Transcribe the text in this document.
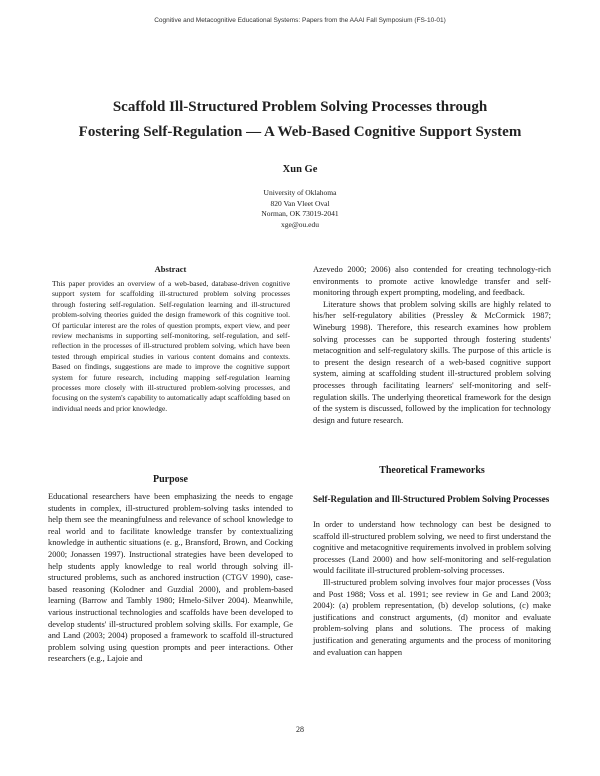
Cognitive and Metacognitive Educational Systems: Papers from the AAAI Fall Symposium (FS-10-01)
Scaffold Ill-Structured Problem Solving Processes through
Fostering Self-Regulation — A Web-Based Cognitive Support System
Xun Ge
University of Oklahoma
820 Van Vleet Oval
Norman, OK 73019-2041
xge@ou.edu
Abstract

This paper provides an overview of a web-based, database-driven cognitive support system for scaffolding ill-structured problem solving processes through fostering self-regulation. Self-regulation learning and ill-structured problem-solving theories guided the design framework of this cognitive tool. Of particular interest are the roles of question prompts, expert view, and peer review mechanisms in supporting self-monitoring, self-regulation, and self-reflection in the processes of ill-structured problem solving, which have been tested through empirical studies in various content domains and contexts. Based on findings, suggestions are made to improve the cognitive support system for future research, including mapping self-regulation learning processes more closely with ill-structured problem-solving processes, and focusing on the system's capability to automatically adapt scaffolding based on individual needs and prior knowledge.

Purpose

Educational researchers have been emphasizing the needs to engage students in complex, ill-structured problem-solving tasks intended to help them see the meaningfulness and relevance of school knowledge to real world and to facilitate knowledge transfer by contextualizing knowledge in authentic situations (e. g., Bransford, Brown, and Cocking 2000; Jonassen 1997). Instructional strategies have been developed to help students apply knowledge to real world through solving ill-structured problems, such as anchored instruction (CTGV 1990), case-based reasoning (Kolodner and Guzdial 2000), and problem-based learning (Barrow and Tambly 1980; Hmelo-Silver 2004). Meanwhile, various instructional technologies and scaffolds have been developed to develop students' ill-structured problem solving skills. For example, Ge and Land (2003; 2004) proposed a framework to scaffold ill-structured problem solving using question prompts and peer interactions. Other researchers (e.g., Lajoie and

Azevedo 2000; 2006) also contended for creating technology-rich environments to promote active knowledge transfer and self-monitoring through expert prompting, modeling, and feedback.

Literature shows that problem solving skills are highly related to his/her self-regulatory abilities (Pressley & McCormick 1987; Wineburg 1998). Therefore, this research examines how problem solving processes can be supported through fostering students' metacognition and self-regulatory skills. The purpose of this article is to present the design research of a web-based cognitive support system, aiming at scaffolding student ill-structured problem solving processes through facilitating learners' self-monitoring and self-regulation skills. The underlying theoretical framework for the design of the system is discussed, followed by the implication for technology design and future research.

Theoretical Frameworks
Self-Regulation and Ill-Structured Problem Solving Processes

In order to understand how technology can best be designed to scaffold ill-structured problem solving, we need to first understand the cognitive and metacognitive requirements involved in problem solving processes (Land 2000) and how self-monitoring and self-regulation would facilitate ill-structured problem-solving processes.

Ill-structured problem solving involves four major processes (Voss and Post 1988; Voss et al. 1991; see review in Ge and Land 2003; 2004): (a) problem representation, (b) develop solutions, (c) make justifications and construct arguments, (d) monitor and evaluate problem-solving plans and solutions. The process of making justification and generating arguments and the process of monitoring and evaluation can happen

28
